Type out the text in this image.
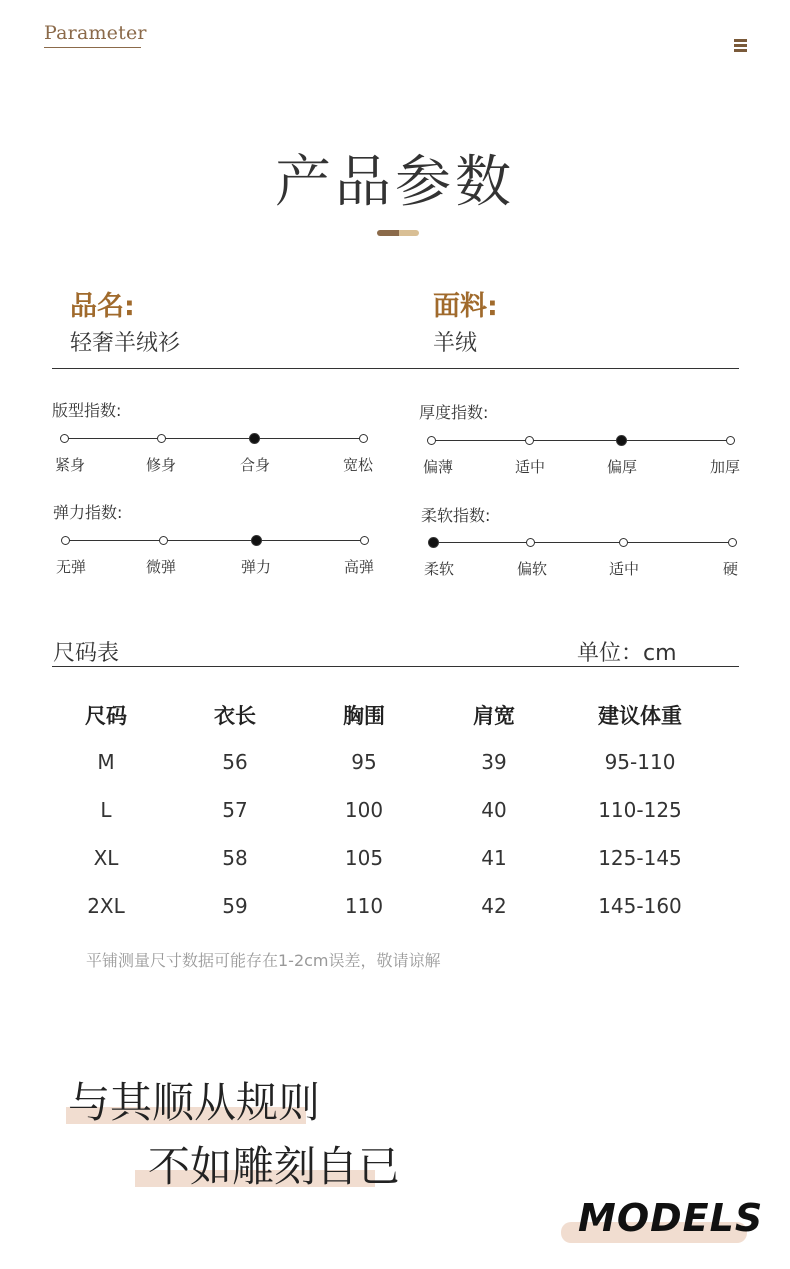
Parameter
产品参数
品名:
轻奢羊绒衫
面料:
羊绒
版型指数:
紧身	修身	合身	宽松
厚度指数:
偏薄	适中	偏厚	加厚
弹力指数:
无弹	微弹	弹力	高弹
柔软指数:
柔软	偏软	适中	硬
尺码表	单位：cm
尺码	衣长	胸围	肩宽	建议体重
M	56	95	39	95-110
L	57	100	40	110-125
XL	58	105	41	125-145
2XL	59	110	42	145-160
平铺测量尺寸数据可能存在1-2cm误差，敬请谅解
与其顺从规则
不如雕刻自已
MODELS
